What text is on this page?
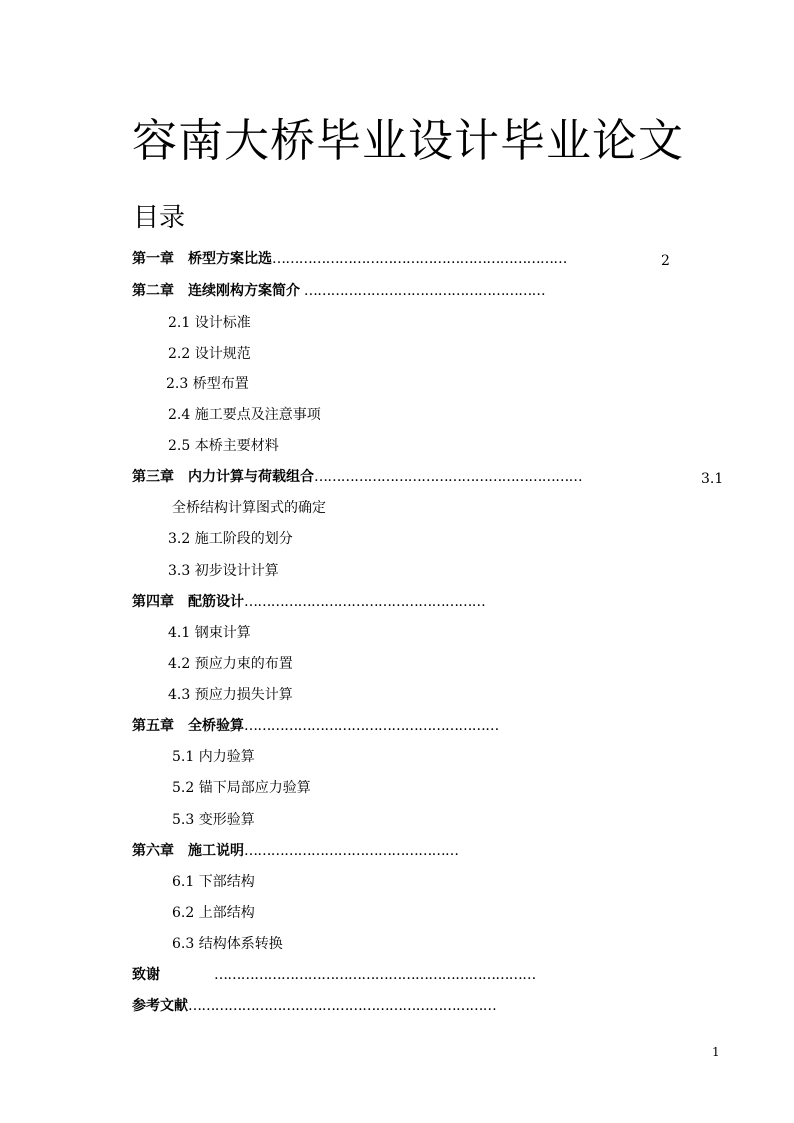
容南大桥毕业设计毕业论文
目录
第一章 桥型方案比选…………………………………………………………	2
第二章 连续刚构方案简介 ………………………………………………
2.1 设计标准
2.2 设计规范
2.3 桥型布置
2.4 施工要点及注意事项
2.5 本桥主要材料
第三章 内力计算与荷载组合……………………………………………………	3.1
全桥结构计算图式的确定
3.2 施工阶段的划分
3.3 初步设计计算
第四章 配筋设计………………………………………………
4.1 钢束计算
4.2 预应力束的布置
4.3 预应力损失计算
第五章 全桥验算…………………………………………………
5.1 内力验算
5.2 锚下局部应力验算
5.3 变形验算
第六章 施工说明…………………………………………
6.1 下部结构
6.2 上部结构
6.3 结构体系转换
致谢	………………………………………………………………
参考文献……………………………………………………………
1
